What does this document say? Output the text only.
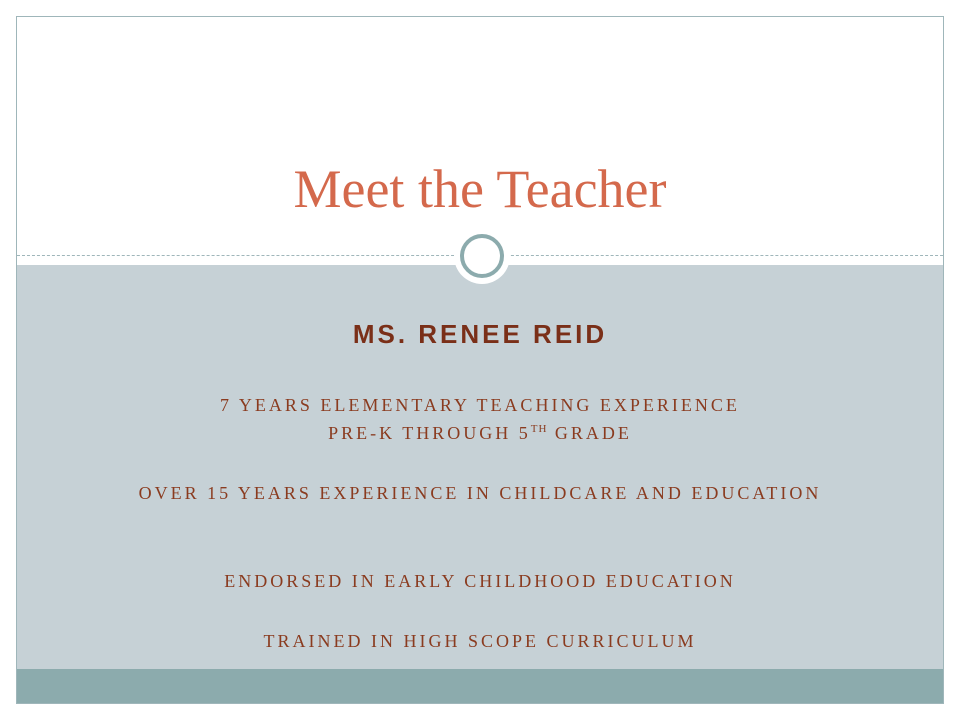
Meet the Teacher
MS. RENEE REID
7 YEARS ELEMENTARY TEACHING EXPERIENCE
PRE-K THROUGH 5TH GRADE
OVER 15 YEARS EXPERIENCE IN CHILDCARE AND EDUCATION
ENDORSED IN EARLY CHILDHOOD EDUCATION
TRAINED IN HIGH SCOPE CURRICULUM
